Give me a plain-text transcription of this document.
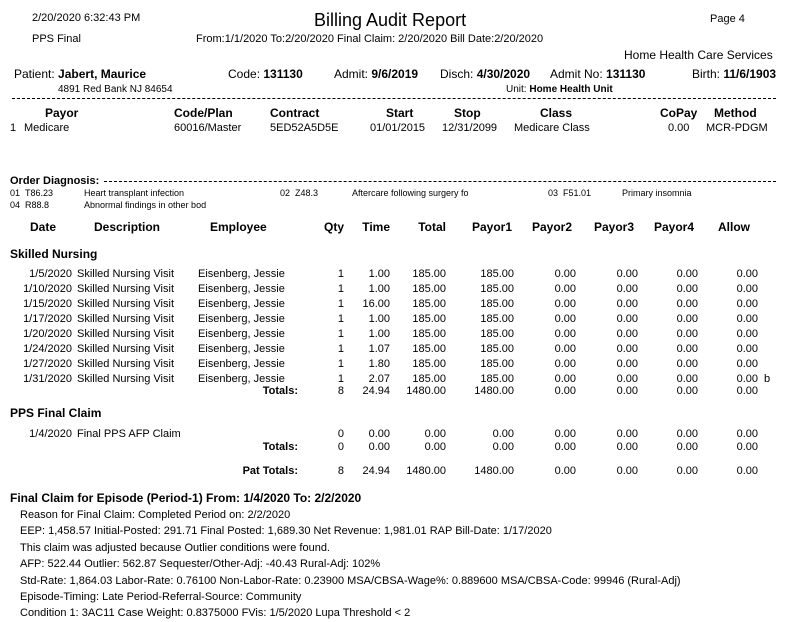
2/20/2020 6:32:43 PM	Billing Audit Report	Page 4
PPS Final	From:1/1/2020 To:2/20/2020 Final Claim: 2/20/2020 Bill Date:2/20/2020
Home Health Care Services
Patient: Jabert, Maurice	Code: 131130	Admit: 9/6/2019 Disch: 4/30/2020 Admit No: 131130	Birth: 11/6/1903
4891 Red Bank NJ 84654	Unit: Home Health Unit
Payor	Code/Plan	Contract	Start	Stop	Class	CoPay Method
1 Medicare	60016/Master	5ED52A5D5E	01/01/2015 12/31/2099 Medicare Class	0.00 MCR-PDGM
Order Diagnosis:
01 T86.23	Heart transplant infection	02 Z48.3	Aftercare following surgery fo	03 F51.01	Primary insomnia
04 R88.8	Abnormal findings in other bod
Date	Description	Employee	Qty	Time	Total	Payor1	Payor2	Payor3	Payor4	Allow
Skilled Nursing
1/5/2020 Skilled Nursing Visit Eisenberg, Jessie	1	1.00	185.00	185.00	0.00	0.00	0.00	0.00
1/10/2020 Skilled Nursing Visit Eisenberg, Jessie	1	1.00	185.00	185.00	0.00	0.00	0.00	0.00
1/15/2020 Skilled Nursing Visit Eisenberg, Jessie	1	16.00	185.00	185.00	0.00	0.00	0.00	0.00
1/17/2020 Skilled Nursing Visit Eisenberg, Jessie	1	1.00	185.00	185.00	0.00	0.00	0.00	0.00
1/20/2020 Skilled Nursing Visit Eisenberg, Jessie	1	1.00	185.00	185.00	0.00	0.00	0.00	0.00
1/24/2020 Skilled Nursing Visit Eisenberg, Jessie	1	1.07	185.00	185.00	0.00	0.00	0.00	0.00
1/27/2020 Skilled Nursing Visit Eisenberg, Jessie	1	1.80	185.00	185.00	0.00	0.00	0.00	0.00
1/31/2020 Skilled Nursing Visit Eisenberg, Jessie	1	2.07	185.00	185.00	0.00	0.00	0.00	0.00 b
Totals:	8	24.94	1480.00	1480.00	0.00	0.00	0.00	0.00
PPS Final Claim
1/4/2020 Final PPS AFP Claim	0	0.00	0.00	0.00	0.00	0.00	0.00	0.00
Totals:	0	0.00	0.00	0.00	0.00	0.00	0.00	0.00
Pat Totals:	8	24.94	1480.00	1480.00	0.00	0.00	0.00	0.00
Final Claim for Episode (Period-1) From: 1/4/2020 To: 2/2/2020
Reason for Final Claim: Completed Period on: 2/2/2020
EEP: 1,458.57 Initial-Posted: 291.71 Final Posted: 1,689.30 Net Revenue: 1,981.01 RAP Bill-Date: 1/17/2020
This claim was adjusted because Outlier conditions were found.
AFP: 522.44 Outlier: 562.87 Sequester/Other-Adj: -40.43 Rural-Adj: 102%
Std-Rate: 1,864.03 Labor-Rate: 0.76100 Non-Labor-Rate: 0.23900 MSA/CBSA-Wage%: 0.889600 MSA/CBSA-Code: 99946 (Rural-Adj)
Episode-Timing: Late Period-Referral-Source: Community
Condition 1: 3AC11 Case Weight: 0.8375000 FVis: 1/5/2020 Lupa Threshold < 2
